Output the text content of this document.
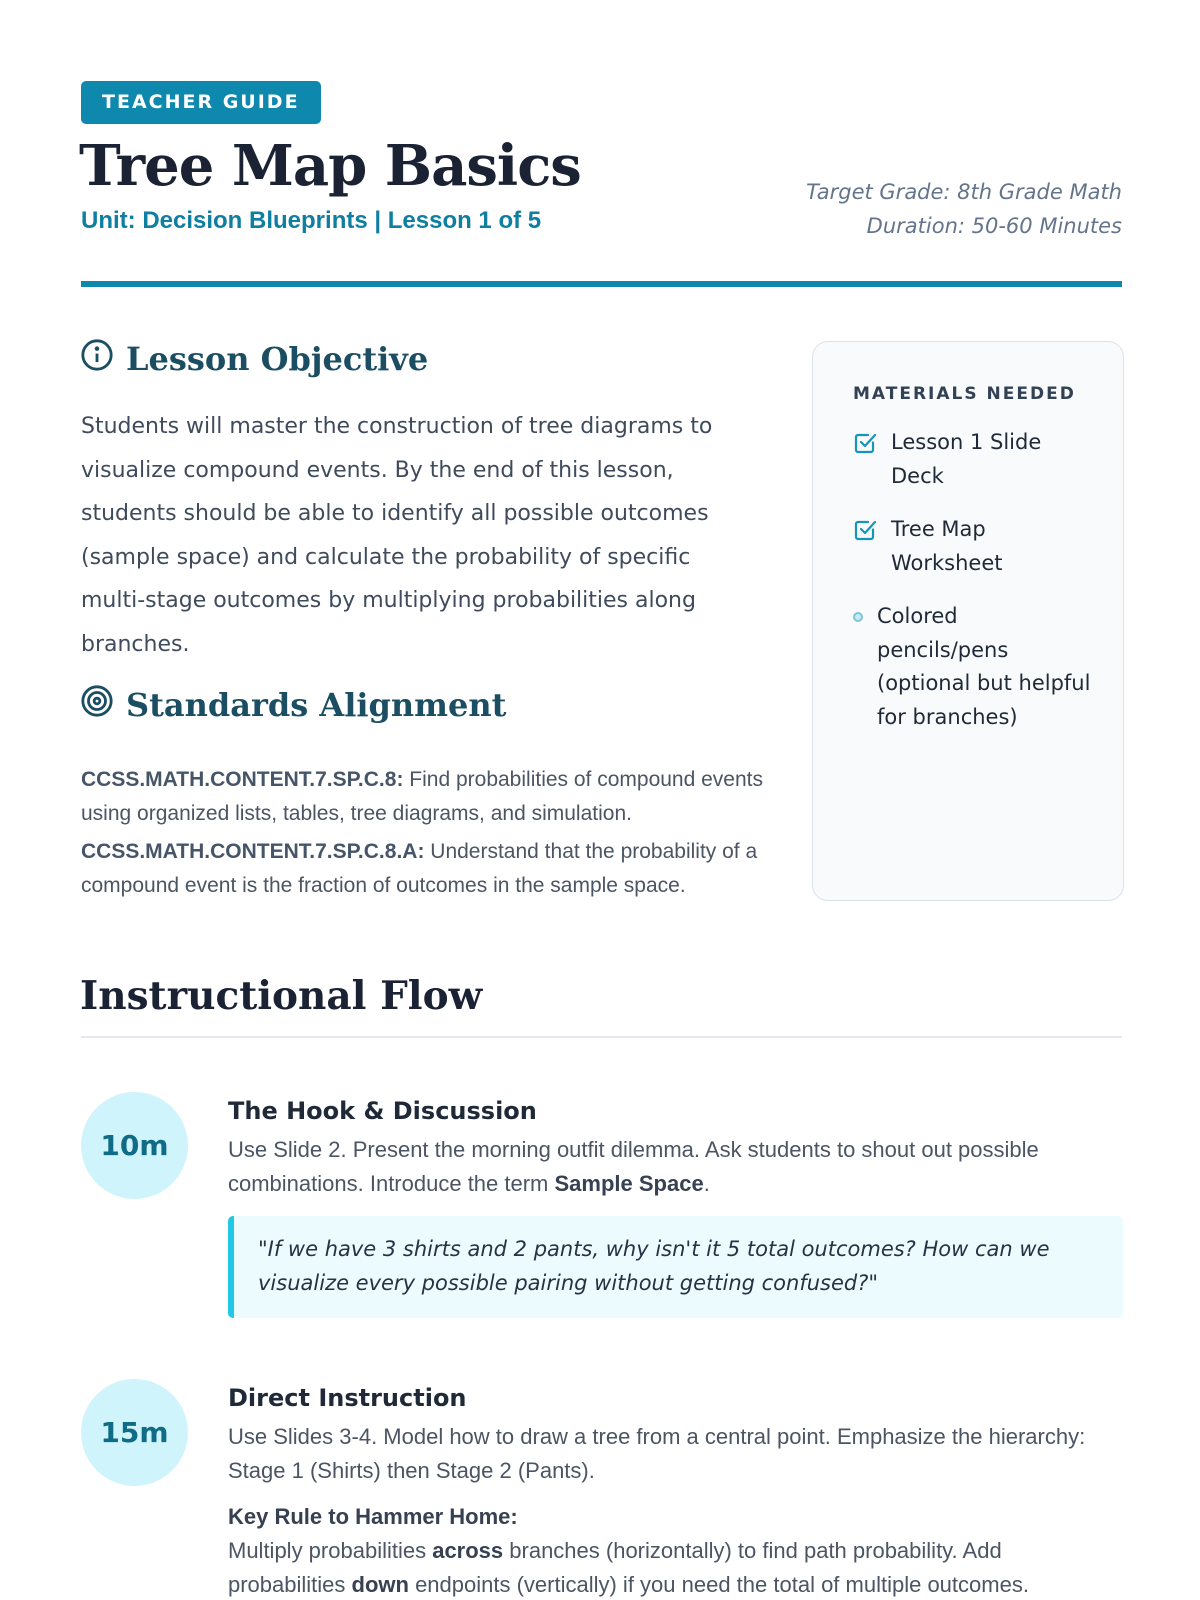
TEACHER GUIDE
Tree Map Basics
Unit: Decision Blueprints | Lesson 1 of 5
Target Grade: 8th Grade Math
Duration: 50-60 Minutes
Lesson Objective

Students will master the construction of tree diagrams to visualize compound events. By the end of this lesson, students should be able to identify all possible outcomes (sample space) and calculate the probability of specific multi-stage outcomes by multiplying probabilities along branches.

Standards Alignment

CCSS.MATH.CONTENT.7.SP.C.8: Find probabilities of compound events using organized lists, tables, tree diagrams, and simulation.

CCSS.MATH.CONTENT.7.SP.C.8.A: Understand that the probability of a compound event is the fraction of outcomes in the sample space.

MATERIALS NEEDED
Lesson 1 Slide Deck
Tree Map Worksheet
Colored pencils/pens (optional but helpful for branches)
Instructional Flow
10m
The Hook & Discussion

Use Slide 2. Present the morning outfit dilemma. Ask students to shout out possible combinations. Introduce the term Sample Space.

"If we have 3 shirts and 2 pants, why isn't it 5 total outcomes? How can we visualize every possible pairing without getting confused?"
15m
Direct Instruction

Use Slides 3-4. Model how to draw a tree from a central point. Emphasize the hierarchy: Stage 1 (Shirts) then Stage 2 (Pants).

Key Rule to Hammer Home:

Multiply probabilities across branches (horizontally) to find path probability. Add probabilities down endpoints (vertically) if you need the total of multiple outcomes.
